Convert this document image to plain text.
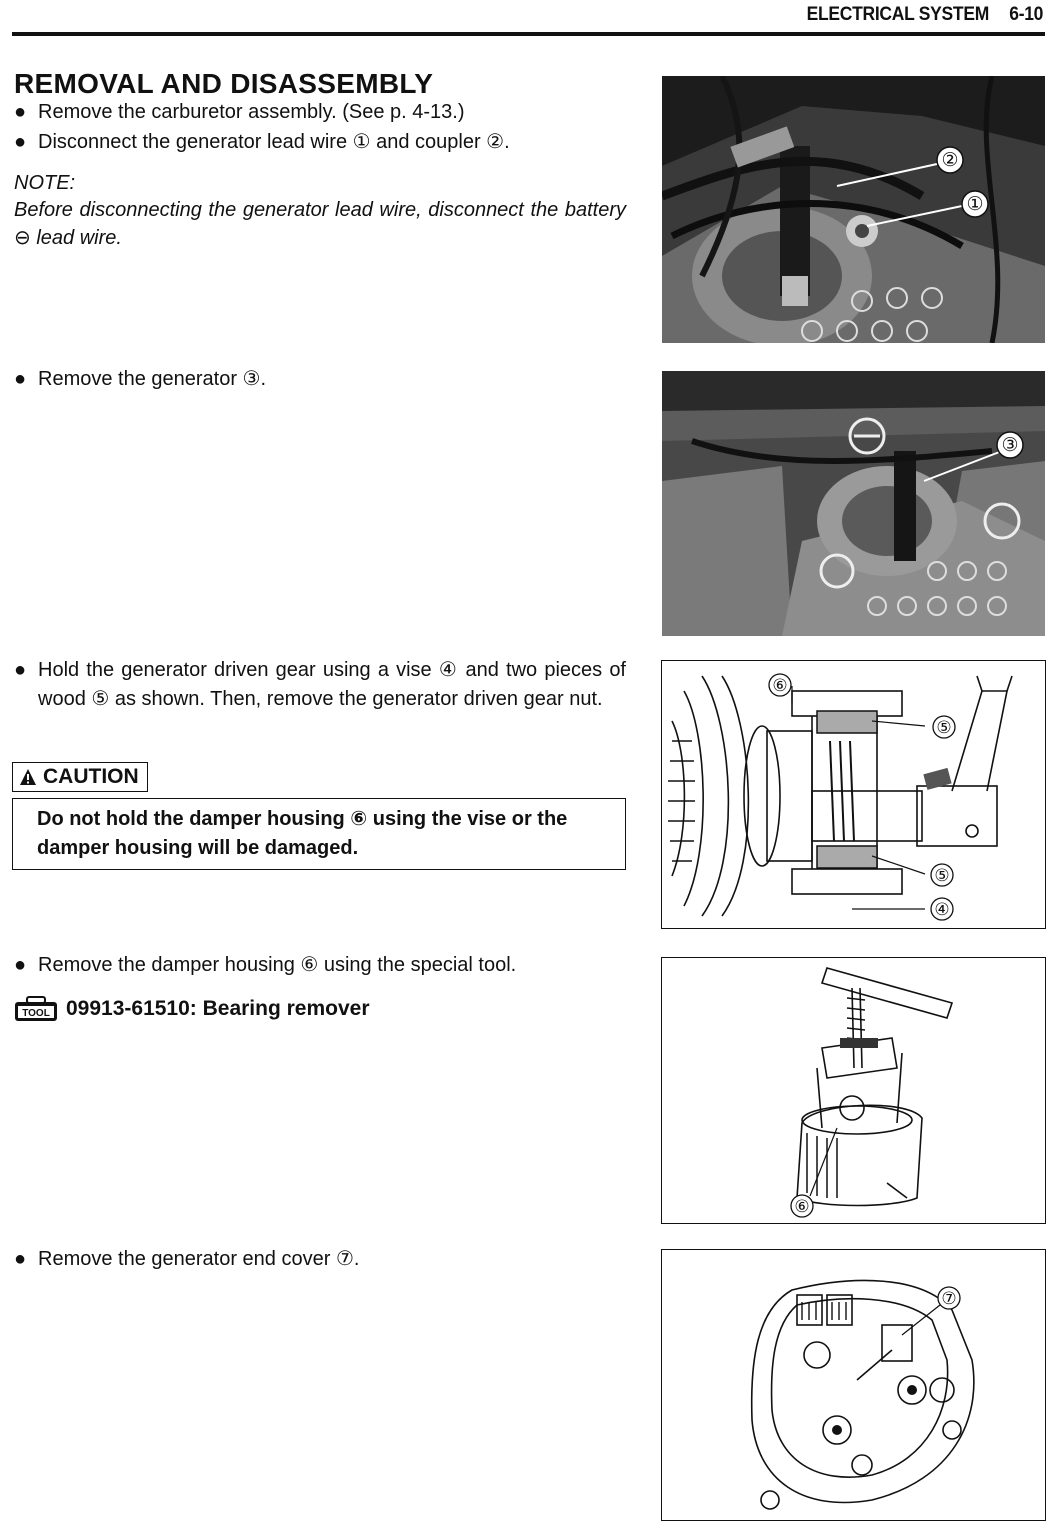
ELECTRICAL SYSTEM 6-10
REMOVAL AND DISASSEMBLY
● Remove the carburetor assembly. (See p. 4-13.)
● Disconnect the generator lead wire ① and coupler ②.
NOTE:
Before disconnecting the generator lead wire, disconnect the battery ⊖ lead wire.
● Remove the generator ③.
● Hold the generator driven gear using a vise ④ and two pieces of wood ⑤ as shown. Then, remove the generator driven gear nut.
CAUTION
Do not hold the damper housing ⑥ using the vise or the damper housing will be damaged.
● Remove the damper housing ⑥ using the special tool.
TOOL 09913-61510: Bearing remover
● Remove the generator end cover ⑦.
②
①
③
⑥
⑤
⑤
④
⑥
⑦
